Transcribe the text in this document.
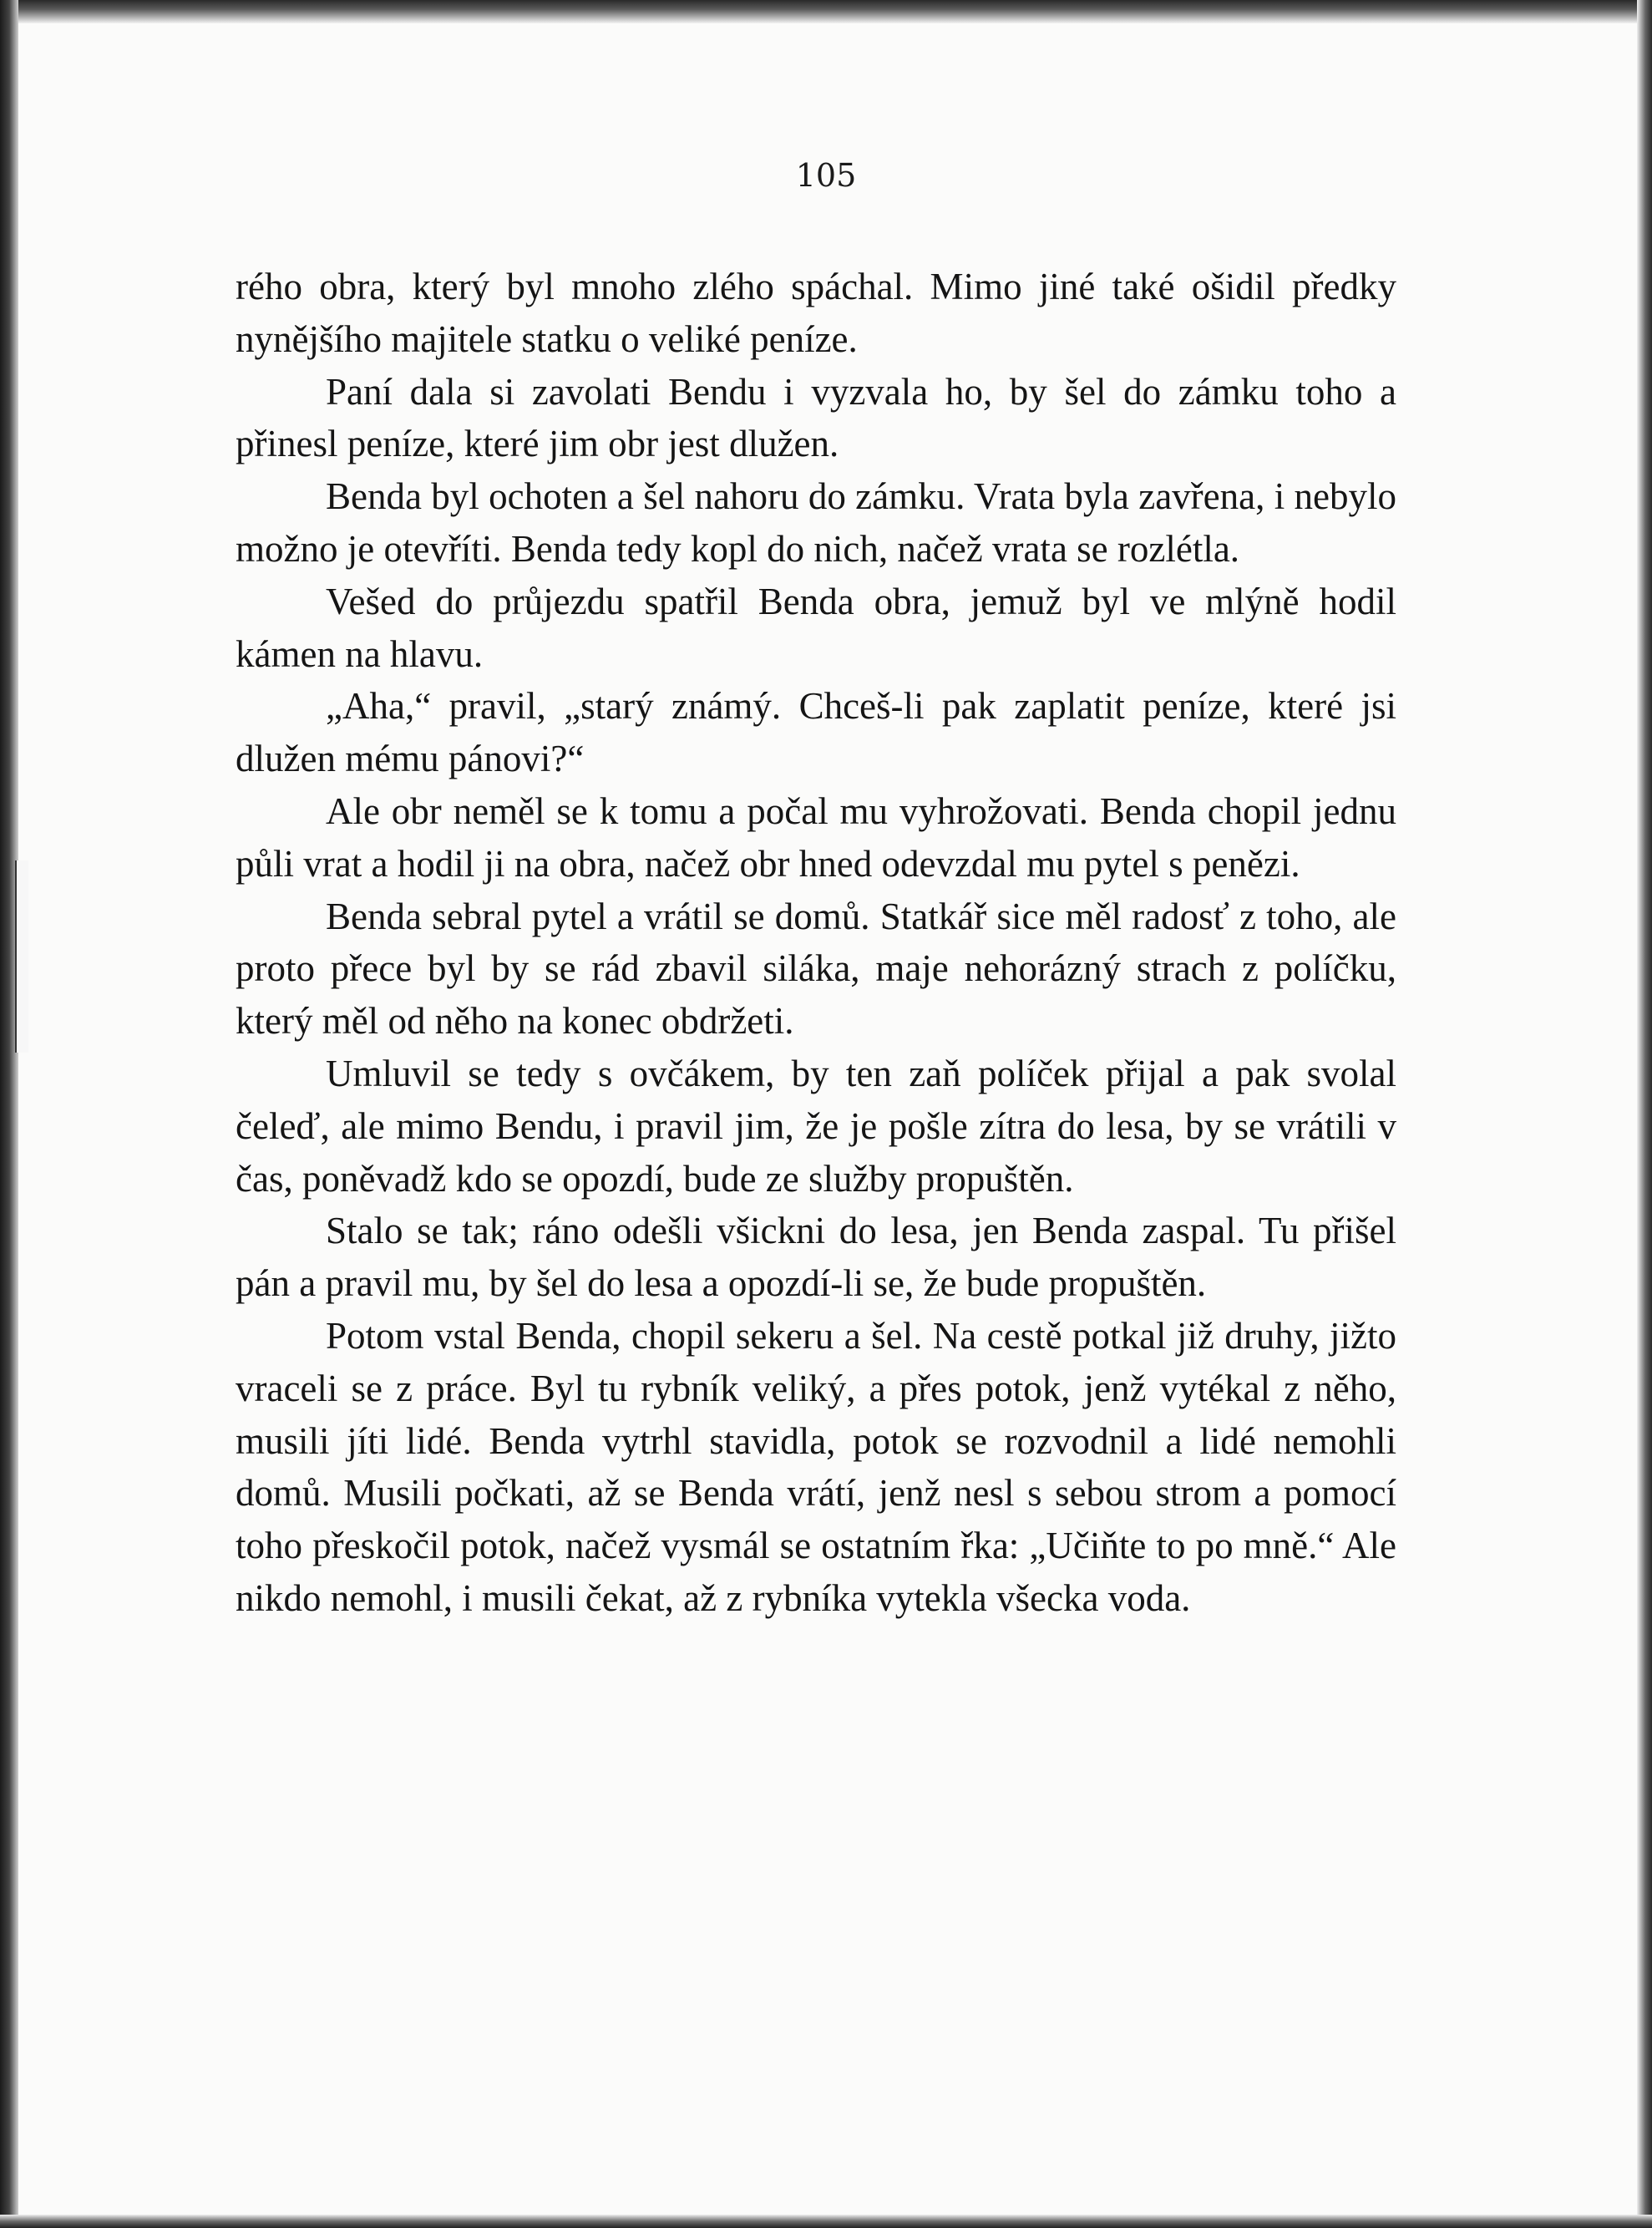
105

rého obra, který byl mnoho zlého spáchal. Mimo jiné také ošidil předky nynějšího majitele statku o veliké peníze.

Paní dala si zavolati Bendu i vyzvala ho, by šel do zámku toho a přinesl peníze, které jim obr jest dlužen.

Benda byl ochoten a šel nahoru do zámku. Vrata byla zavřena, i nebylo možno je otevříti. Benda tedy kopl do nich, načež vrata se rozlétla.

Vešed do průjezdu spatřil Benda obra, jemuž byl ve mlýně hodil kámen na hlavu.

„Aha,“ pravil, „starý známý. Chceš-li pak zaplatit peníze, které jsi dlužen mému pánovi?“

Ale obr neměl se k tomu a počal mu vyhrožovati. Benda chopil jednu půli vrat a hodil ji na obra, načež obr hned odevzdal mu pytel s penězi.

Benda sebral pytel a vrátil se domů. Statkář sice měl radosť z toho, ale proto přece byl by se rád zbavil siláka, maje nehorázný strach z políčku, který měl od něho na konec obdržeti.

Umluvil se tedy s ovčákem, by ten zaň políček přijal a pak svolal čeleď, ale mimo Bendu, i pravil jim, že je pošle zítra do lesa, by se vrátili v čas, poněvadž kdo se opozdí, bude ze služby propuštěn.

Stalo se tak; ráno odešli všickni do lesa, jen Benda zaspal. Tu přišel pán a pravil mu, by šel do lesa a opozdí-li se, že bude propuštěn.

Potom vstal Benda, chopil sekeru a šel. Na cestě potkal již druhy, jižto vraceli se z práce. Byl tu rybník veliký, a přes potok, jenž vytékal z něho, musili jíti lidé. Benda vytrhl stavidla, potok se rozvodnil a lidé nemohli domů. Musili počkati, až se Benda vrátí, jenž nesl s sebou strom a pomocí toho přeskočil potok, načež vysmál se ostatním řka: „Učiňte to po mně.“ Ale nikdo nemohl, i musili čekat, až z rybníka vytekla všecka voda.
